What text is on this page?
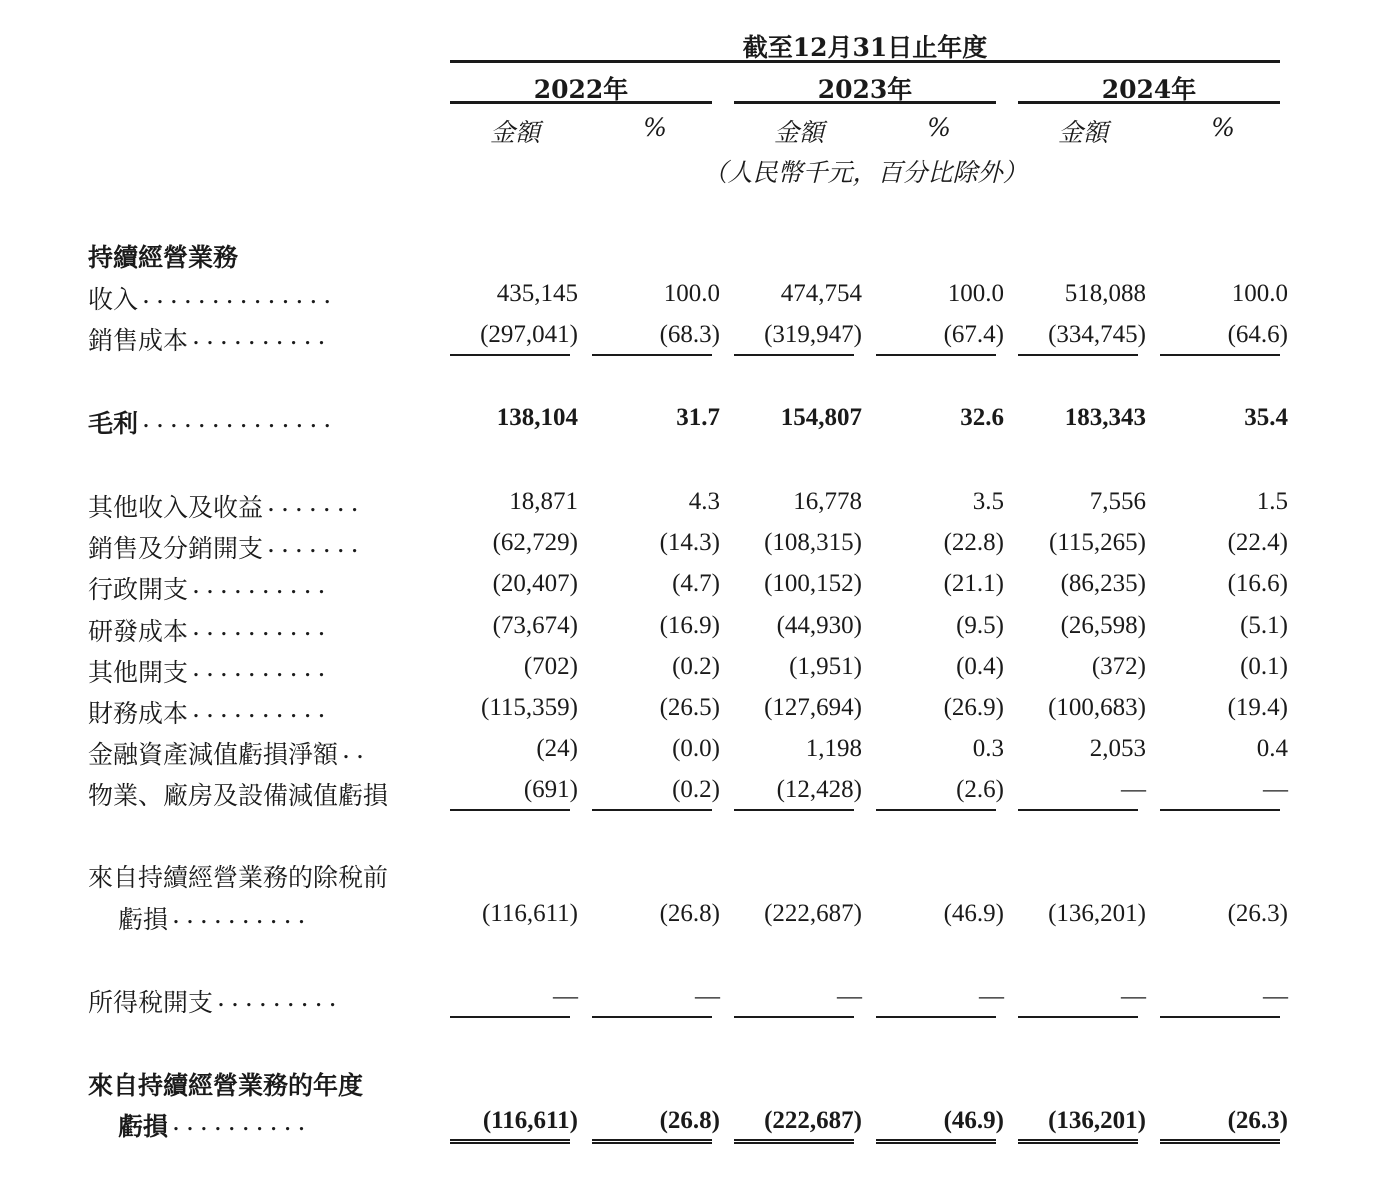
截至12月31日止年度
2022年	2023年	2024年
金額	%	金額	%	金額	%
（人民幣千元，百分比除外）
持續經營業務
收入 ..............	435,145	100.0	474,754	100.0	518,088	100.0
銷售成本 ..........	(297,041)	(68.3)	(319,947)	(67.4)	(334,745)	(64.6)
毛利 ..............	138,104	31.7	154,807	32.6	183,343	35.4
其他收入及收益 .......	18,871	4.3	16,778	3.5	7,556	1.5
銷售及分銷開支 .......	(62,729)	(14.3)	(108,315)	(22.8)	(115,265)	(22.4)
行政開支 ..........	(20,407)	(4.7)	(100,152)	(21.1)	(86,235)	(16.6)
研發成本 ..........	(73,674)	(16.9)	(44,930)	(9.5)	(26,598)	(5.1)
其他開支 ..........	(702)	(0.2)	(1,951)	(0.4)	(372)	(0.1)
財務成本 ..........	(115,359)	(26.5)	(127,694)	(26.9)	(100,683)	(19.4)
金融資產減值虧損淨額 ..	(24)	(0.0)	1,198	0.3	2,053	0.4
物業、廠房及設備減值虧損	(691)	(0.2)	(12,428)	(2.6)	—	—
來自持續經營業務的除稅前
虧損 ..........	(116,611)	(26.8)	(222,687)	(46.9)	(136,201)	(26.3)
所得稅開支 .........	—	—	—	—	—	—
來自持續經營業務的年度
虧損 ..........	(116,611)	(26.8)	(222,687)	(46.9)	(136,201)	(26.3)
